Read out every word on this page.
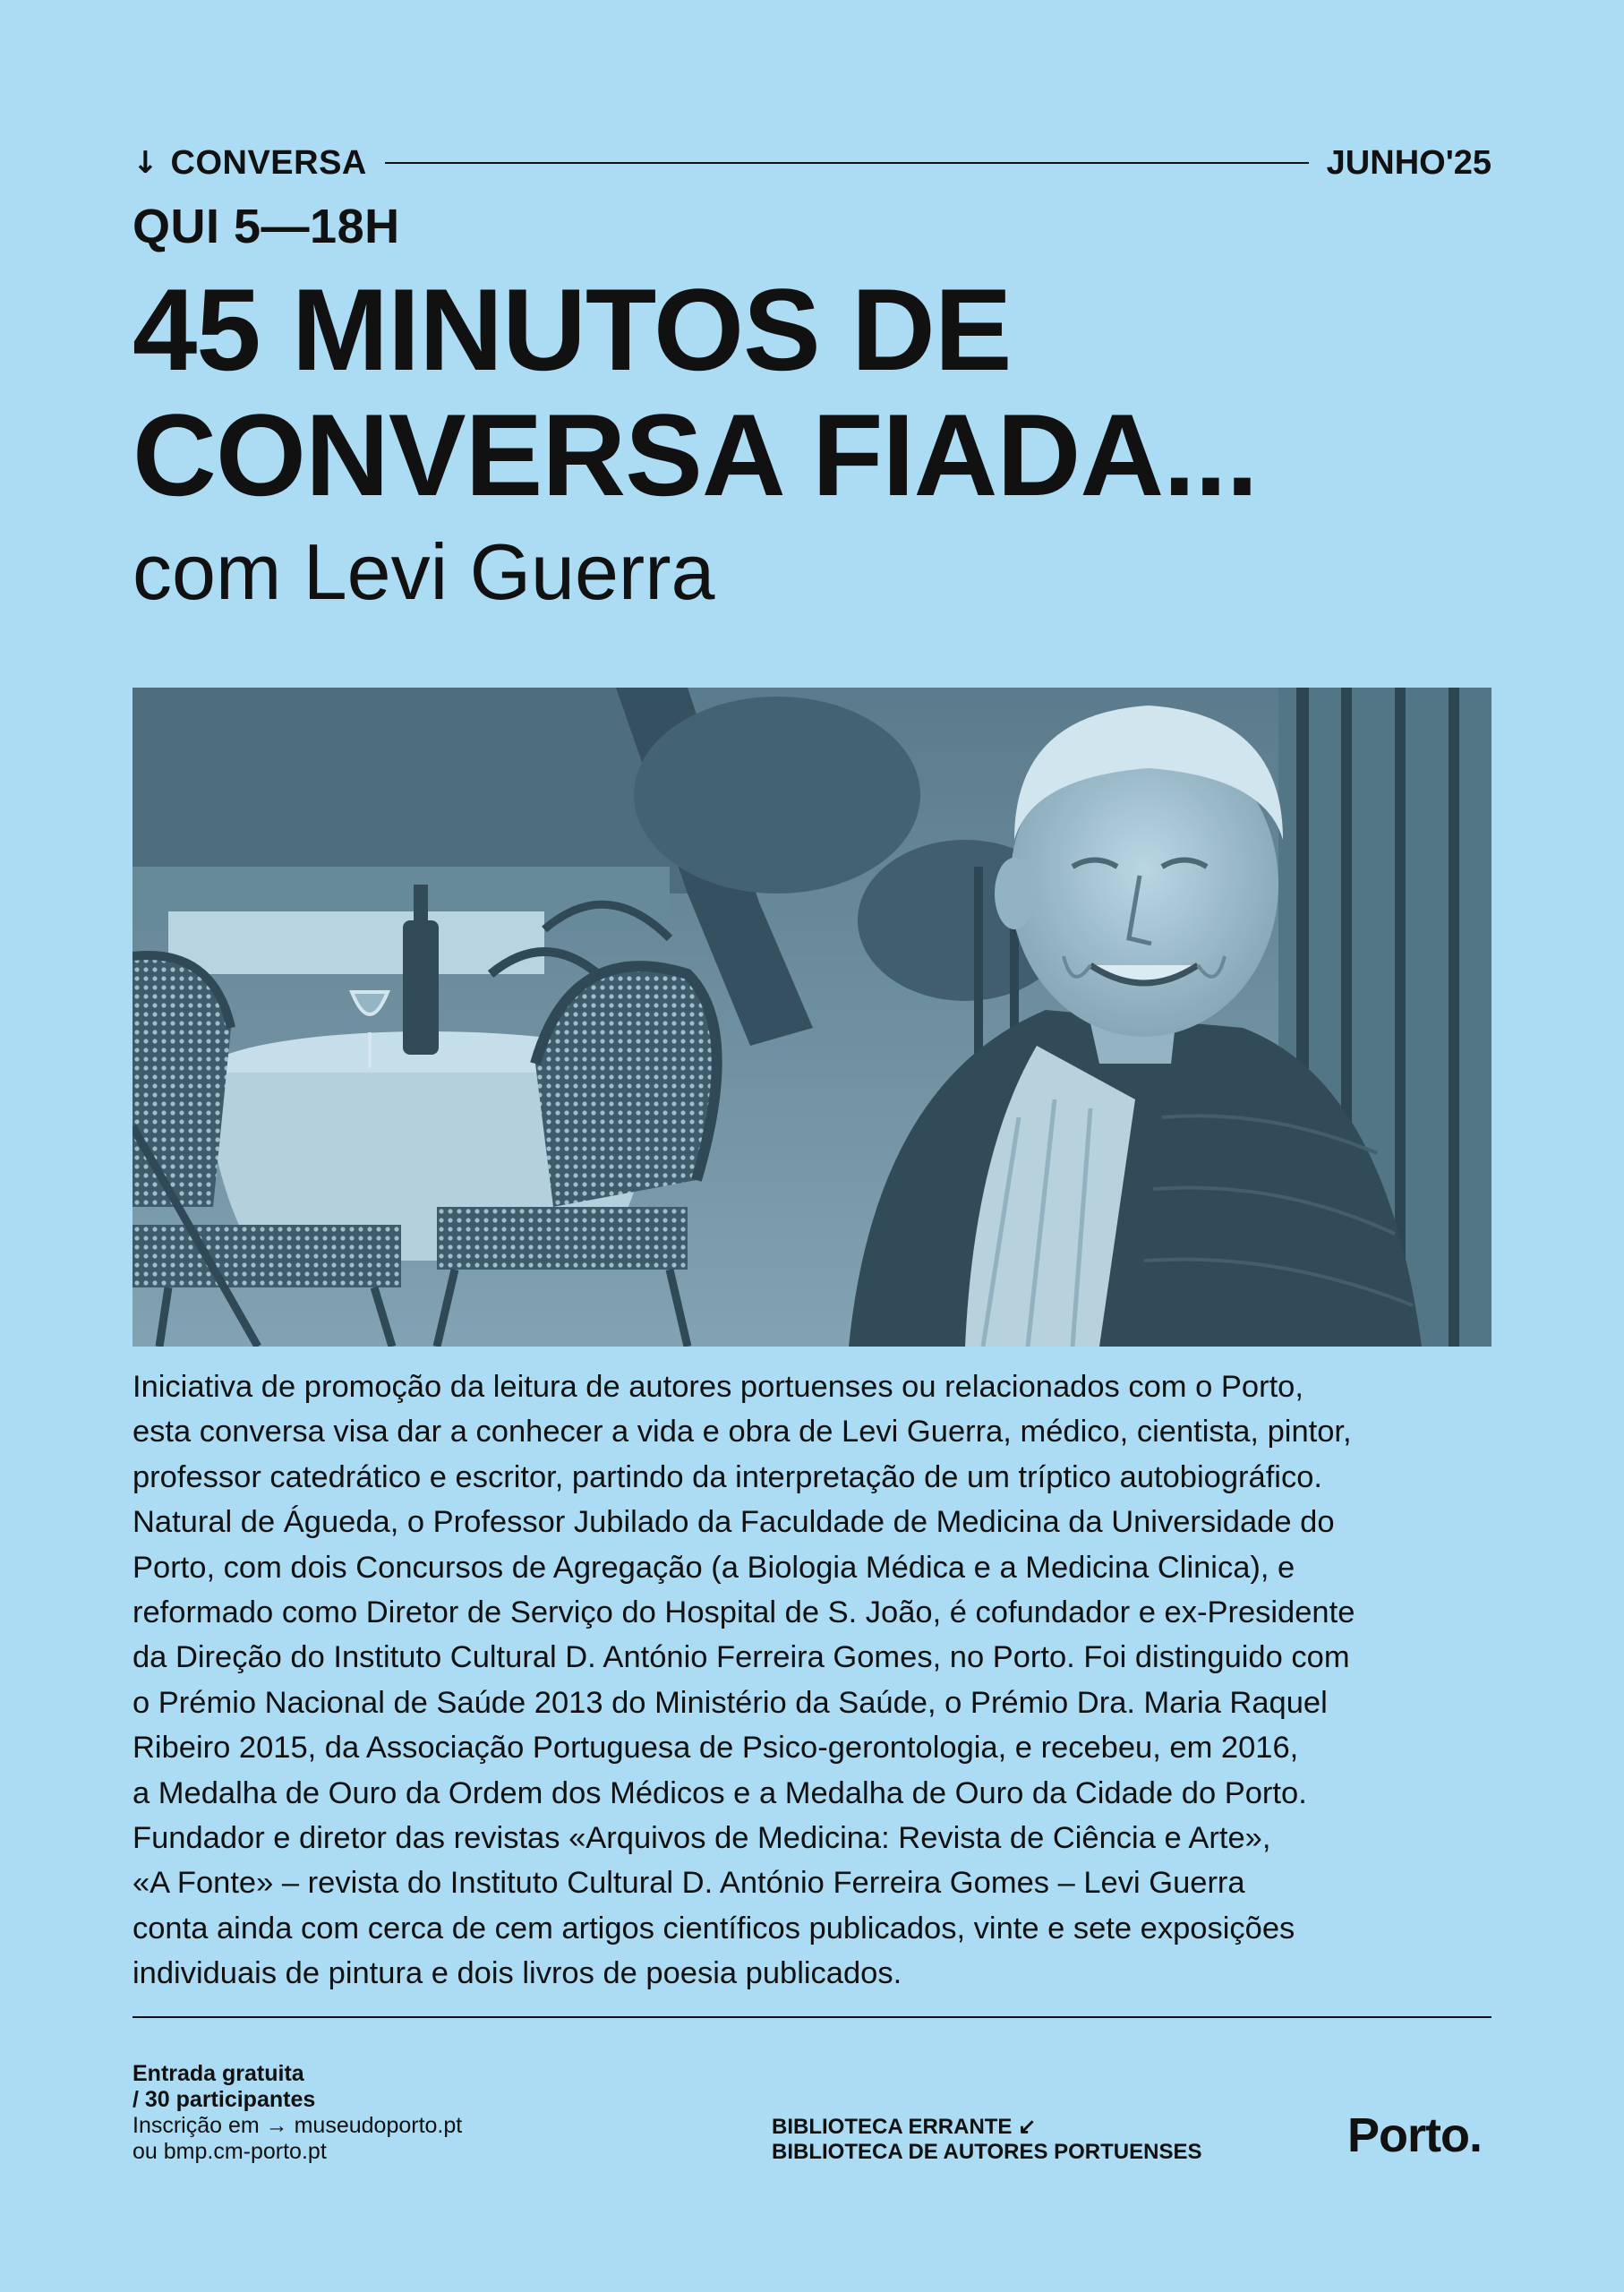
↓ CONVERSA	JUNHO'25
QUI 5—18H
45 MINUTOS DE
CONVERSA FIADA...
com Levi Guerra
Iniciativa de promoção da leitura de autores portuenses ou relacionados com o Porto,
esta conversa visa dar a conhecer a vida e obra de Levi Guerra, médico, cientista, pintor,
professor catedrático e escritor, partindo da interpretação de um tríptico autobiográfico.
Natural de Águeda, o Professor Jubilado da Faculdade de Medicina da Universidade do
Porto, com dois Concursos de Agregação (a Biologia Médica e a Medicina Clinica), e
reformado como Diretor de Serviço do Hospital de S. João, é cofundador e ex-Presidente
da Direção do Instituto Cultural D. António Ferreira Gomes, no Porto. Foi distinguido com
o Prémio Nacional de Saúde 2013 do Ministério da Saúde, o Prémio Dra. Maria Raquel
Ribeiro 2015, da Associação Portuguesa de Psico-gerontologia, e recebeu, em 2016,
a Medalha de Ouro da Ordem dos Médicos e a Medalha de Ouro da Cidade do Porto.
Fundador e diretor das revistas «Arquivos de Medicina: Revista de Ciência e Arte»,
«A Fonte» – revista do Instituto Cultural D. António Ferreira Gomes – Levi Guerra
conta ainda com cerca de cem artigos científicos publicados, vinte e sete exposições
individuais de pintura e dois livros de poesia publicados.
Entrada gratuita
/ 30 participantes
Inscrição em → museudoporto.pt
ou bmp.cm-porto.pt
BIBLIOTECA ERRANTE ↙
BIBLIOTECA DE AUTORES PORTUENSES	Porto.
